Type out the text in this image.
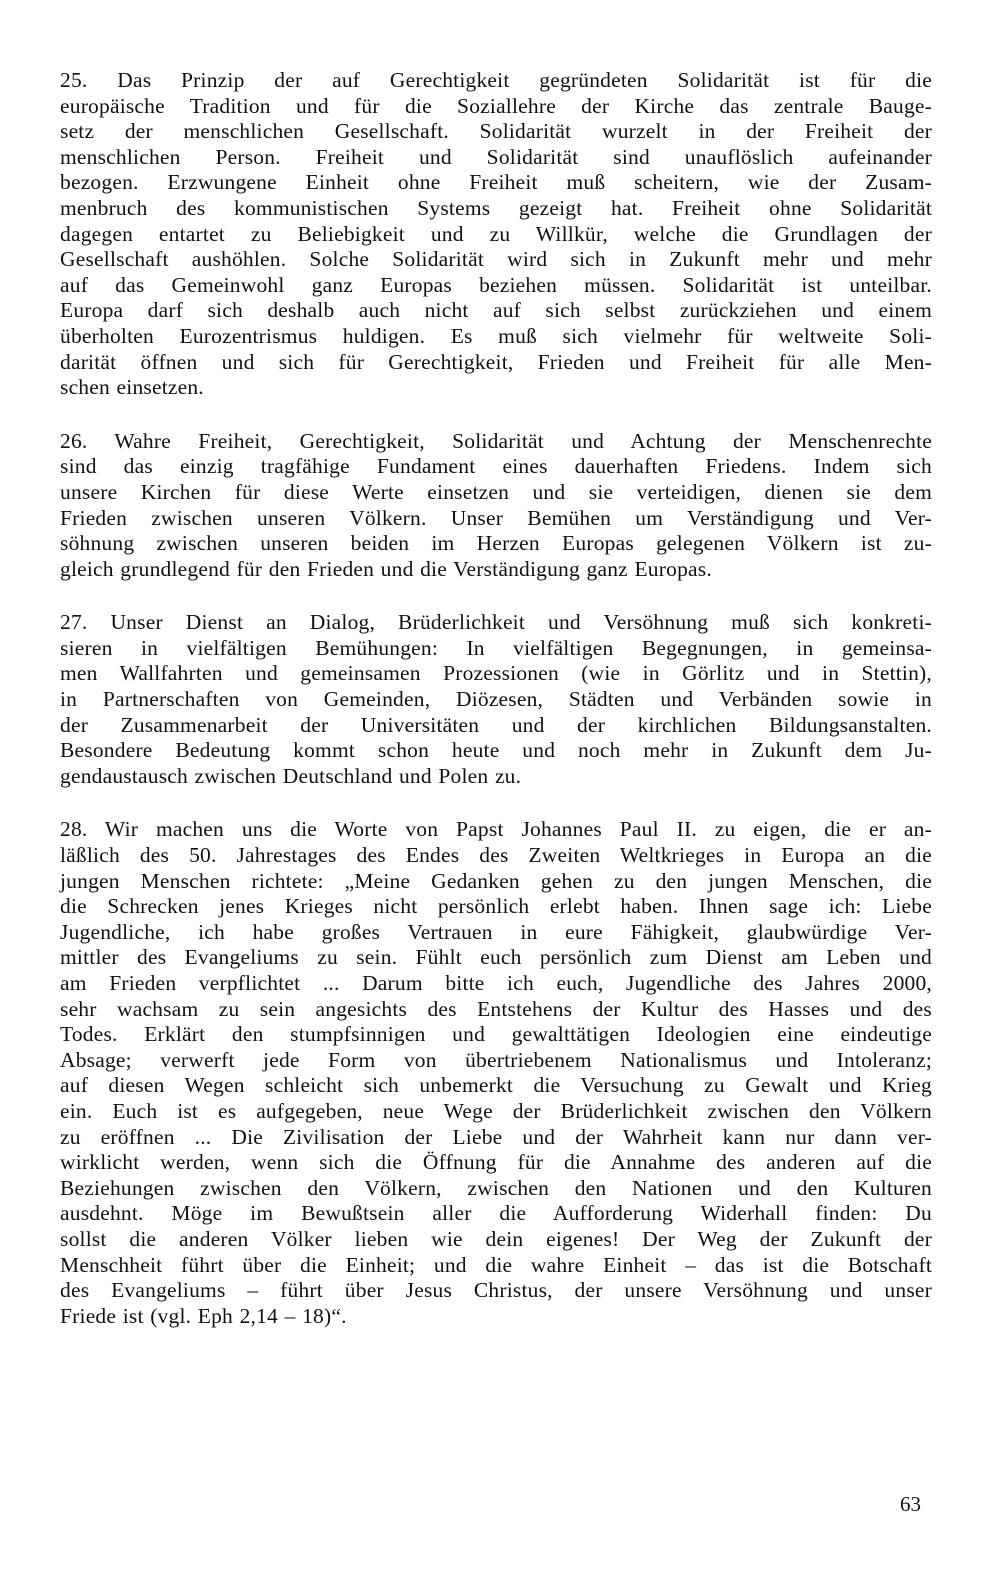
25. Das Prinzip der auf Gerechtigkeit gegründeten Solidarität ist für die
europäische Tradition und für die Soziallehre der Kirche das zentrale Bauge-
setz der menschlichen Gesellschaft. Solidarität wurzelt in der Freiheit der
menschlichen Person. Freiheit und Solidarität sind unauflöslich aufeinander
bezogen. Erzwungene Einheit ohne Freiheit muß scheitern, wie der Zusam-
menbruch des kommunistischen Systems gezeigt hat. Freiheit ohne Solidarität
dagegen entartet zu Beliebigkeit und zu Willkür, welche die Grundlagen der
Gesellschaft aushöhlen. Solche Solidarität wird sich in Zukunft mehr und mehr
auf das Gemeinwohl ganz Europas beziehen müssen. Solidarität ist unteilbar.
Europa darf sich deshalb auch nicht auf sich selbst zurückziehen und einem
überholten Eurozentrismus huldigen. Es muß sich vielmehr für weltweite Soli-
darität öffnen und sich für Gerechtigkeit, Frieden und Freiheit für alle Men-
schen einsetzen.

26. Wahre Freiheit, Gerechtigkeit, Solidarität und Achtung der Menschenrechte
sind das einzig tragfähige Fundament eines dauerhaften Friedens. Indem sich
unsere Kirchen für diese Werte einsetzen und sie verteidigen, dienen sie dem
Frieden zwischen unseren Völkern. Unser Bemühen um Verständigung und Ver-
söhnung zwischen unseren beiden im Herzen Europas gelegenen Völkern ist zu-
gleich grundlegend für den Frieden und die Verständigung ganz Europas.

27. Unser Dienst an Dialog, Brüderlichkeit und Versöhnung muß sich konkreti-
sieren in vielfältigen Bemühungen: In vielfältigen Begegnungen, in gemeinsa-
men Wallfahrten und gemeinsamen Prozessionen (wie in Görlitz und in Stettin),
in Partnerschaften von Gemeinden, Diözesen, Städten und Verbänden sowie in
der Zusammenarbeit der Universitäten und der kirchlichen Bildungsanstalten.
Besondere Bedeutung kommt schon heute und noch mehr in Zukunft dem Ju-
gendaustausch zwischen Deutschland und Polen zu.

28. Wir machen uns die Worte von Papst Johannes Paul II. zu eigen, die er an-
läßlich des 50. Jahrestages des Endes des Zweiten Weltkrieges in Europa an die
jungen Menschen richtete: „Meine Gedanken gehen zu den jungen Menschen, die
die Schrecken jenes Krieges nicht persönlich erlebt haben. Ihnen sage ich: Liebe
Jugendliche, ich habe großes Vertrauen in eure Fähigkeit, glaubwürdige Ver-
mittler des Evangeliums zu sein. Fühlt euch persönlich zum Dienst am Leben und
am Frieden verpflichtet ... Darum bitte ich euch, Jugendliche des Jahres 2000,
sehr wachsam zu sein angesichts des Entstehens der Kultur des Hasses und des
Todes. Erklärt den stumpfsinnigen und gewalttätigen Ideologien eine eindeutige
Absage; verwerft jede Form von übertriebenem Nationalismus und Intoleranz;
auf diesen Wegen schleicht sich unbemerkt die Versuchung zu Gewalt und Krieg
ein. Euch ist es aufgegeben, neue Wege der Brüderlichkeit zwischen den Völkern
zu eröffnen ... Die Zivilisation der Liebe und der Wahrheit kann nur dann ver-
wirklicht werden, wenn sich die Öffnung für die Annahme des anderen auf die
Beziehungen zwischen den Völkern, zwischen den Nationen und den Kulturen
ausdehnt. Möge im Bewußtsein aller die Aufforderung Widerhall finden: Du
sollst die anderen Völker lieben wie dein eigenes! Der Weg der Zukunft der
Menschheit führt über die Einheit; und die wahre Einheit – das ist die Botschaft
des Evangeliums – führt über Jesus Christus, der unsere Versöhnung und unser
Friede ist (vgl. Eph 2,14 – 18)“.

63
